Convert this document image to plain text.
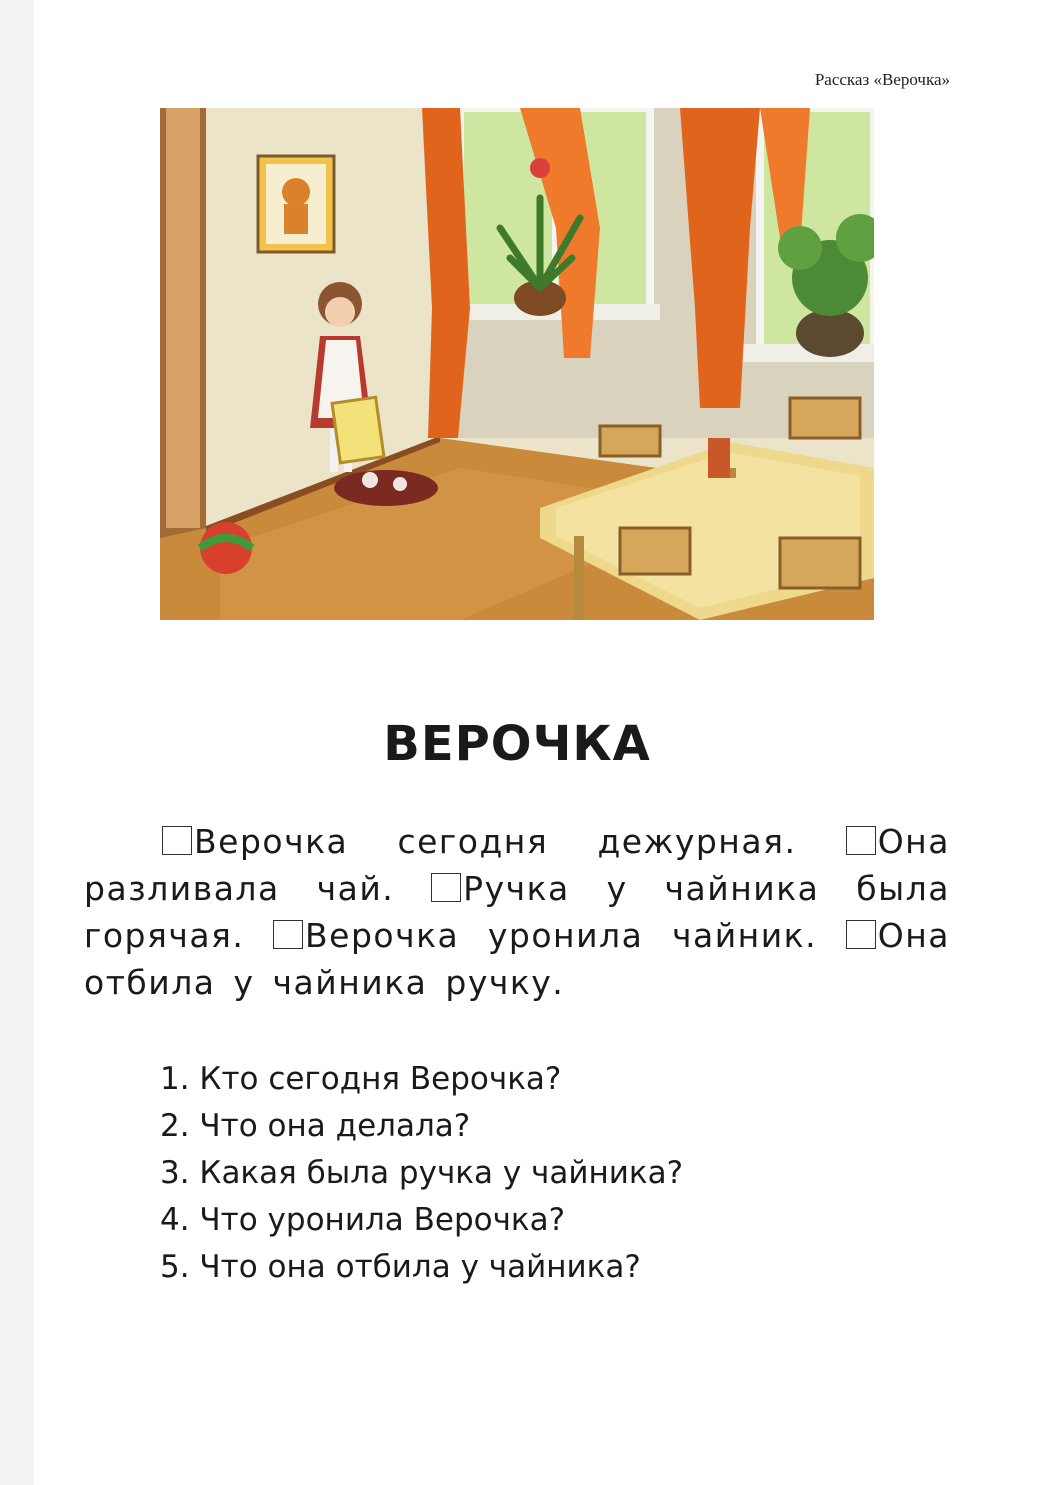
Рассказ «Верочка»
ВЕРОЧКА
Верочка сегодня дежурная. Она разливала чай. Ручка у чайника была горячая. Верочка уронила чайник. Она отбила у чайника ручку.
1. Кто сегодня Верочка?
2. Что она делала?
3. Какая была ручка у чайника?
4. Что уронила Верочка?
5. Что она отбила у чайника?
